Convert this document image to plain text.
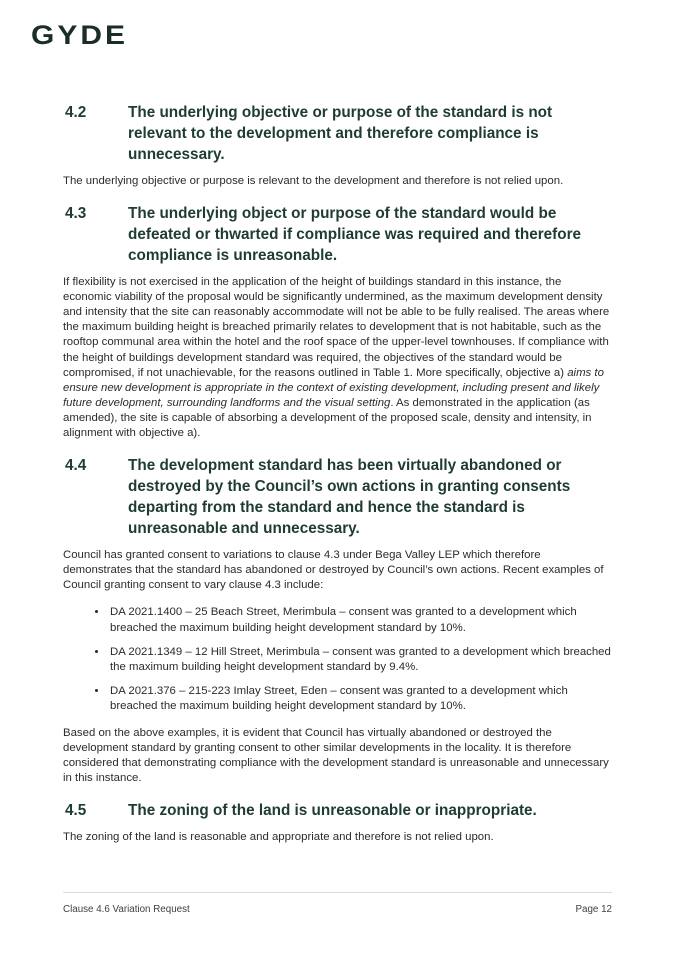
GYDE
4.2	The underlying objective or purpose of the standard is not relevant to the development and therefore compliance is unnecessary.

The underlying objective or purpose is relevant to the development and therefore is not relied upon.

4.3	The underlying object or purpose of the standard would be defeated or thwarted if compliance was required and therefore compliance is unreasonable.

If flexibility is not exercised in the application of the height of buildings standard in this instance, the economic viability of the proposal would be significantly undermined, as the maximum development density and intensity that the site can reasonably accommodate will not be able to be fully realised. The areas where the maximum building height is breached primarily relates to development that is not habitable, such as the rooftop communal area within the hotel and the roof space of the upper-level townhouses. If compliance with the height of buildings development standard was required, the objectives of the standard would be compromised, if not unachievable, for the reasons outlined in Table 1. More specifically, objective a) aims to ensure new development is appropriate in the context of existing development, including present and likely future development, surrounding landforms and the visual setting. As demonstrated in the application (as amended), the site is capable of absorbing a development of the proposed scale, density and intensity, in alignment with objective a).

4.4	The development standard has been virtually abandoned or destroyed by the Council’s own actions in granting consents departing from the standard and hence the standard is unreasonable and unnecessary.

Council has granted consent to variations to clause 4.3 under Bega Valley LEP which therefore demonstrates that the standard has abandoned or destroyed by Council’s own actions. Recent examples of Council granting consent to vary clause 4.3 include:

• DA 2021.1400 – 25 Beach Street, Merimbula – consent was granted to a development which breached the maximum building height development standard by 10%.
• DA 2021.1349 – 12 Hill Street, Merimbula – consent was granted to a development which breached the maximum building height development standard by 9.4%.
• DA 2021.376 – 215-223 Imlay Street, Eden – consent was granted to a development which breached the maximum building height development standard by 10%.

Based on the above examples, it is evident that Council has virtually abandoned or destroyed the development standard by granting consent to other similar developments in the locality. It is therefore considered that demonstrating compliance with the development standard is unreasonable and unnecessary in this instance.

4.5	The zoning of the land is unreasonable or inappropriate.

The zoning of the land is reasonable and appropriate and therefore is not relied upon.

Clause 4.6 Variation Request	Page 12
